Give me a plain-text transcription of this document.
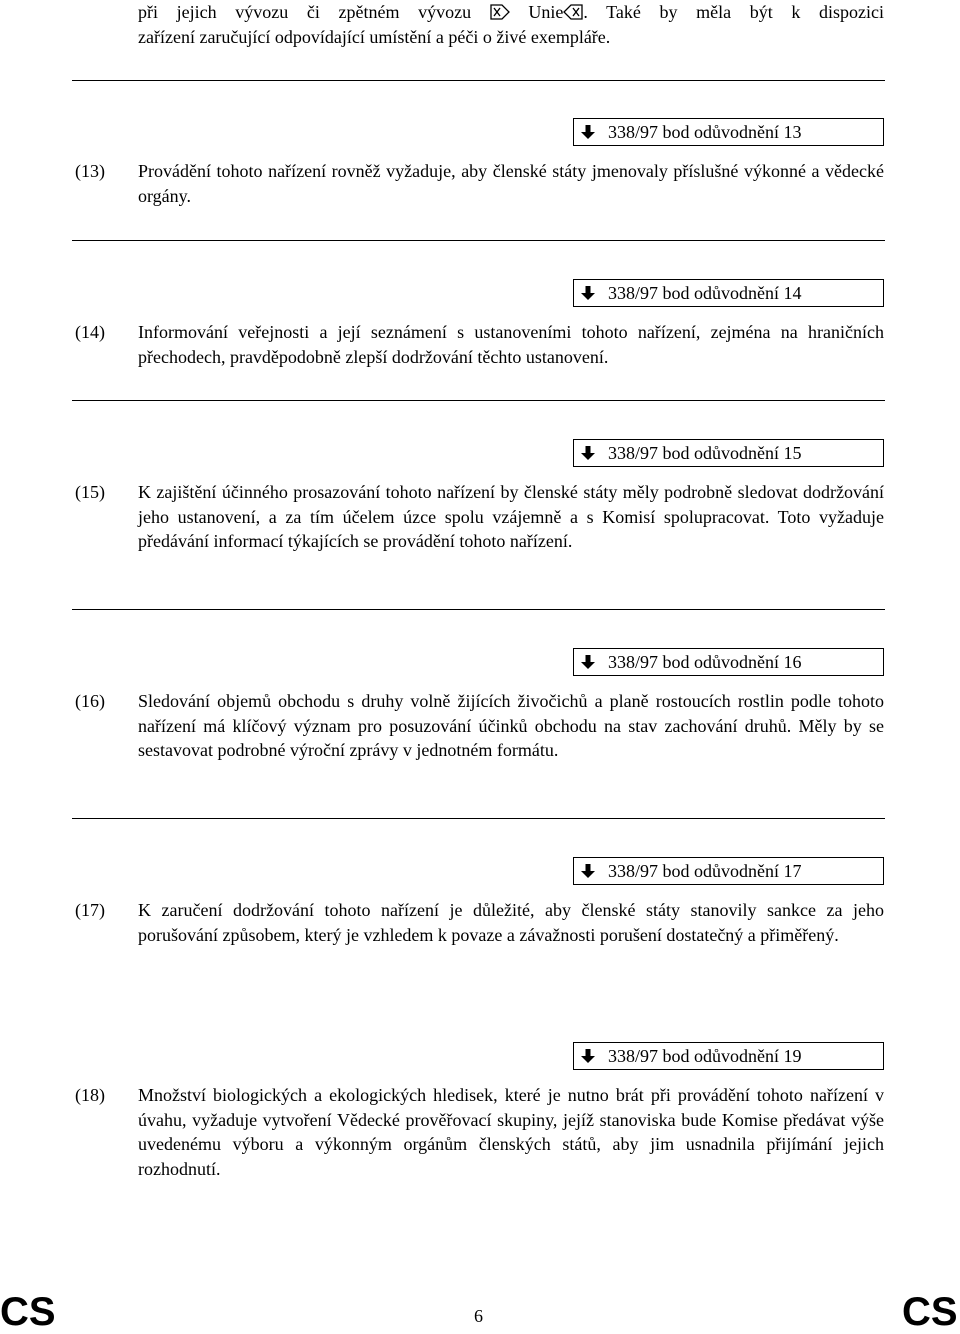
při jejich vývozu či zpětném vývozu	Unie . Také by měla být k dispozici
zařízení zaručující odpovídající umístění a péči o živé exempláře.
338/97 bod odůvodnění 13
(13) Provádění tohoto nařízení rovněž vyžaduje, aby členské státy jmenovaly příslušné výkonné a vědecké orgány.
338/97 bod odůvodnění 14
(14) Informování veřejnosti a její seznámení s ustanoveními tohoto nařízení, zejména na hraničních přechodech, pravděpodobně zlepší dodržování těchto ustanovení.
338/97 bod odůvodnění 15
(15) K zajištění účinného prosazování tohoto nařízení by členské státy měly podrobně sledovat dodržování jeho ustanovení, a za tím účelem úzce spolu vzájemně a s Komisí spolupracovat. Toto vyžaduje předávání informací týkajících se provádění tohoto nařízení.
338/97 bod odůvodnění 16
(16) Sledování objemů obchodu s druhy volně žijících živočichů a planě rostoucích rostlin podle tohoto nařízení má klíčový význam pro posuzování účinků obchodu na stav zachování druhů. Měly by se sestavovat podrobné výroční zprávy v jednotném formátu.
338/97 bod odůvodnění 17
(17) K zaručení dodržování tohoto nařízení je důležité, aby členské státy stanovily sankce za jeho porušování způsobem, který je vzhledem k povaze a závažnosti porušení dostatečný a přiměřený.
338/97 bod odůvodnění 19
(18) Množství biologických a ekologických hledisek, které je nutno brát při provádění tohoto nařízení v úvahu, vyžaduje vytvoření Vědecké prověřovací skupiny, jejíž stanoviska bude Komise předávat výše uvedenému výboru a výkonným orgánům členských států, aby jim usnadnila přijímání jejich rozhodnutí.
CS	6	CS
